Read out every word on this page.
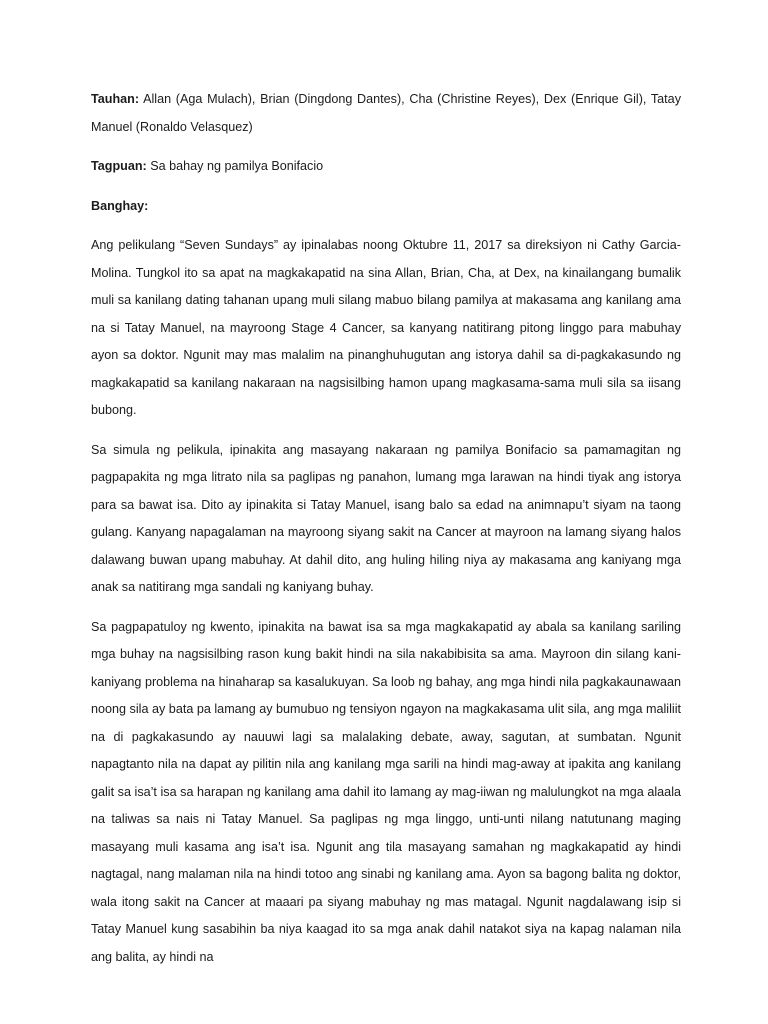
Tauhan: Allan (Aga Mulach), Brian (Dingdong Dantes), Cha (Christine Reyes), Dex (Enrique Gil), Tatay Manuel (Ronaldo Velasquez)

Tagpuan: Sa bahay ng pamilya Bonifacio

Banghay:

Ang pelikulang “Seven Sundays” ay ipinalabas noong Oktubre 11, 2017 sa direksiyon ni Cathy Garcia-Molina. Tungkol ito sa apat na magkakapatid na sina Allan, Brian, Cha, at Dex, na kinailangang bumalik muli sa kanilang dating tahanan upang muli silang mabuo bilang pamilya at makasama ang kanilang ama na si Tatay Manuel, na mayroong Stage 4 Cancer, sa kanyang natitirang pitong linggo para mabuhay ayon sa doktor. Ngunit may mas malalim na pinanghuhugutan ang istorya dahil sa di-pagkakasundo ng magkakapatid sa kanilang nakaraan na nagsisilbing hamon upang magkasama-sama muli sila sa iisang bubong.

Sa simula ng pelikula, ipinakita ang masayang nakaraan ng pamilya Bonifacio sa pamamagitan ng pagpapakita ng mga litrato nila sa paglipas ng panahon, lumang mga larawan na hindi tiyak ang istorya para sa bawat isa. Dito ay ipinakita si Tatay Manuel, isang balo sa edad na animnapu’t siyam na taong gulang. Kanyang napagalaman na mayroong siyang sakit na Cancer at mayroon na lamang siyang halos dalawang buwan upang mabuhay. At dahil dito, ang huling hiling niya ay makasama ang kaniyang mga anak sa natitirang mga sandali ng kaniyang buhay.

Sa pagpapatuloy ng kwento, ipinakita na bawat isa sa mga magkakapatid ay abala sa kanilang sariling mga buhay na nagsisilbing rason kung bakit hindi na sila nakabibisita sa ama. Mayroon din silang kani-kaniyang problema na hinaharap sa kasalukuyan. Sa loob ng bahay, ang mga hindi nila pagkakaunawaan noong sila ay bata pa lamang ay bumubuo ng tensiyon ngayon na magkakasama ulit sila, ang mga maliliit na di pagkakasundo ay nauuwi lagi sa malalaking debate, away, sagutan, at sumbatan. Ngunit napagtanto nila na dapat ay pilitin nila ang kanilang mga sarili na hindi mag-away at ipakita ang kanilang galit sa isa’t isa sa harapan ng kanilang ama dahil ito lamang ay mag-iiwan ng malulungkot na mga alaala na taliwas sa nais ni Tatay Manuel. Sa paglipas ng mga linggo, unti-unti nilang natutunang maging masayang muli kasama ang isa’t isa. Ngunit ang tila masayang samahan ng magkakapatid ay hindi nagtagal, nang malaman nila na hindi totoo ang sinabi ng kanilang ama. Ayon sa bagong balita ng doktor, wala itong sakit na Cancer at maaari pa siyang mabuhay ng mas matagal. Ngunit nagdalawang isip si Tatay Manuel kung sasabihin ba niya kaagad ito sa mga anak dahil natakot siya na kapag nalaman nila ang balita, ay hindi na
